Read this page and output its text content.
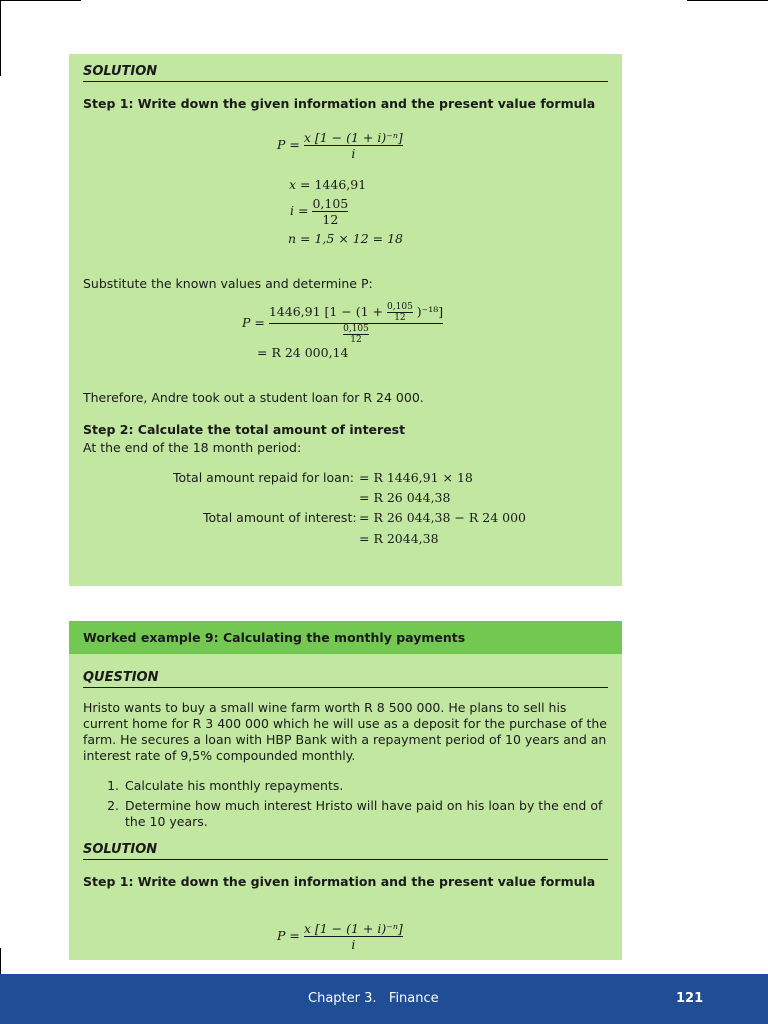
SOLUTION
Step 1: Write down the given information and the present value formula
$P = \frac{\text{x [1 − (1 + i)⁻ⁿ]}}{i}$
x = 1446,91
$i = \frac{0,105}{12}$
n = 1,5 × 12 = 18
Substitute the known values and determine P:
P =
1446,91 $[1 - (1 + \frac{0,105}{12} )^{-18}]$
$\frac{0,105}{12}$
= R 24 000,14
Therefore, Andre took out a student loan for R 24 000.
Step 2: Calculate the total amount of interest
At the end of the 18 month period:
Total amount repaid for loan: = R 1446,91 × 18
= R 26 044,38
Total amount of interest: = R 26 044,38 − R 24 000
= R 2044,38
Worked example 9: Calculating the monthly payments
QUESTION
Hristo wants to buy a small wine farm worth R 8 500 000. He plans to sell his current home for R 3 400 000 which he will use as a deposit for the purchase of the farm. He secures a loan with HBP Bank with a repayment period of 10 years and an interest rate of 9,5% compounded monthly.
1. Calculate his monthly repayments.
2. Determine how much interest Hristo will have paid on his loan by the end of the 10 years.
SOLUTION
Step 1: Write down the given information and the present value formula
$P = \frac{\text{x [1 − (1 + i)⁻ⁿ]}}{i}$
Chapter 3.   Finance	121
